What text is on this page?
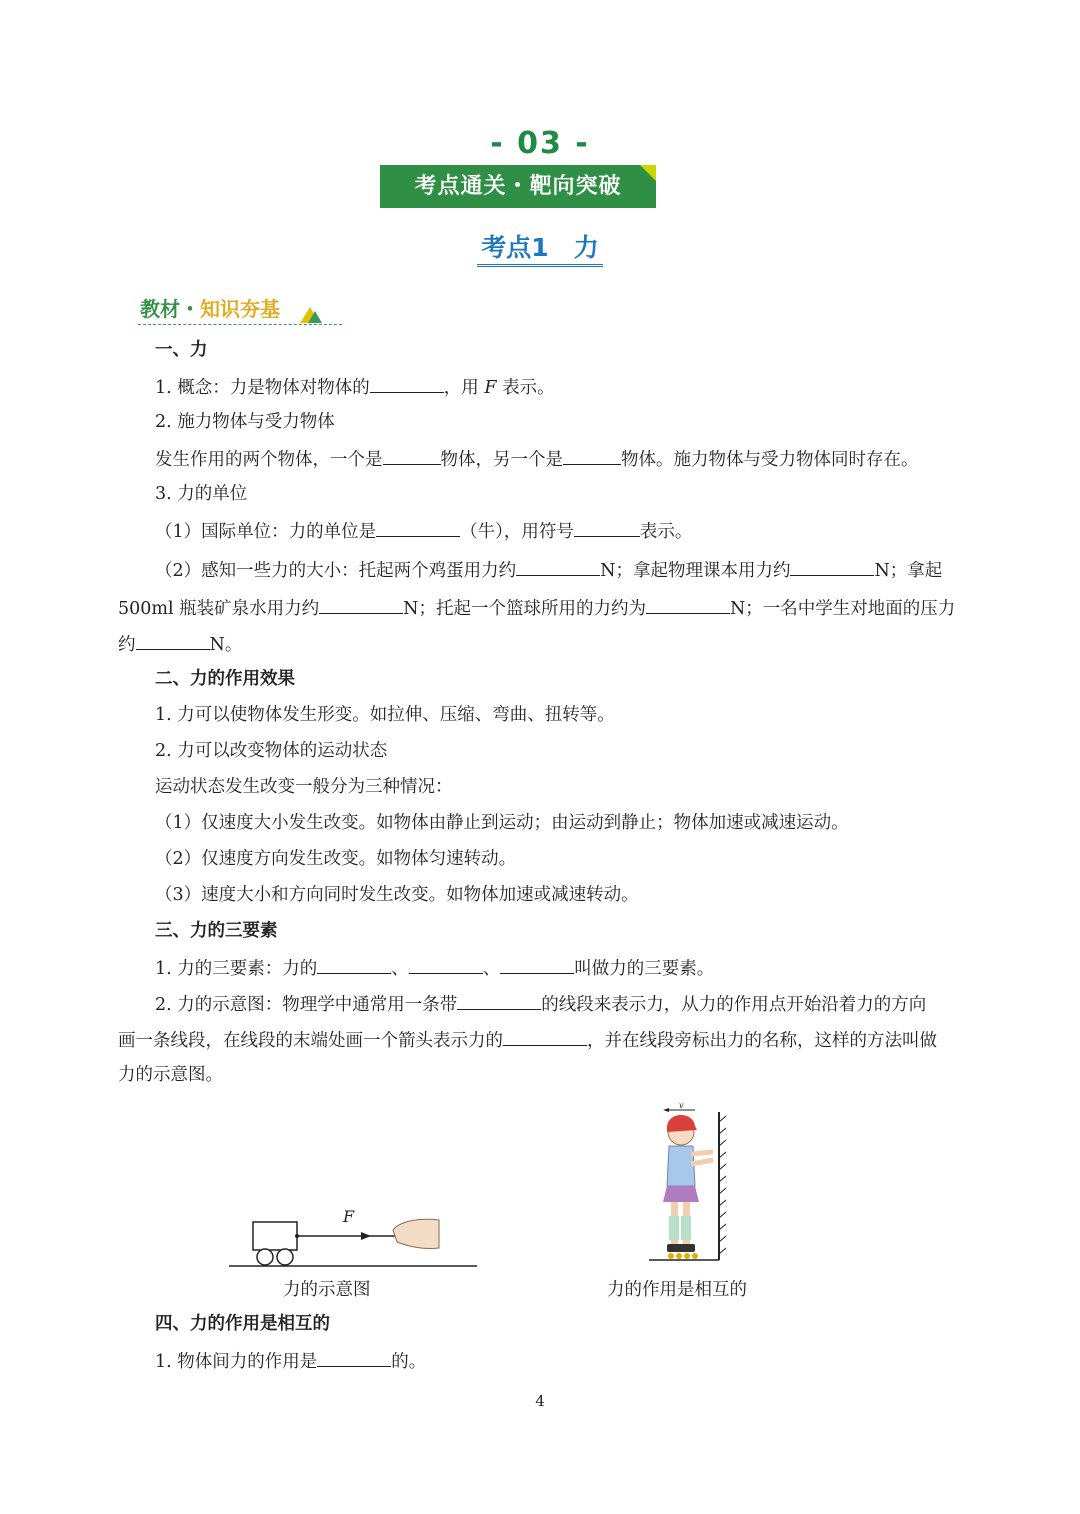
- 03 -
考点通关・靶向突破
考点1　力
教材・知识夯基
一、力
1. 概念：力是物体对物体的	，用 F 表示。
2. 施力物体与受力物体
发生作用的两个物体，一个是	物体，另一个是	物体。施力物体与受力物体同时存在。
3. 力的单位
（1）国际单位：力的单位是	（牛），用符号	表示。
（2）感知一些力的大小：托起两个鸡蛋用力约	N；拿起物理课本用力约	N；拿起
500ml 瓶装矿泉水用力约	N；托起一个篮球所用的力约为	N；一名中学生对地面的压力
约	N。
二、力的作用效果
1. 力可以使物体发生形变。如拉伸、压缩、弯曲、扭转等。
2. 力可以改变物体的运动状态
运动状态发生改变一般分为三种情况：
（1）仅速度大小发生改变。如物体由静止到运动；由运动到静止；物体加速或减速运动。
（2）仅速度方向发生改变。如物体匀速转动。
（3）速度大小和方向同时发生改变。如物体加速或减速转动。
三、力的三要素
1. 力的三要素：力的	、	、	叫做力的三要素。
2. 力的示意图：物理学中通常用一条带	的线段来表示力，从力的作用点开始沿着力的方向
画一条线段，在线段的末端处画一个箭头表示力的	，并在线段旁标出力的名称，这样的方法叫做
力的示意图。
F
力的示意图
v
力的作用是相互的
四、力的作用是相互的
1. 物体间力的作用是	的。
4
